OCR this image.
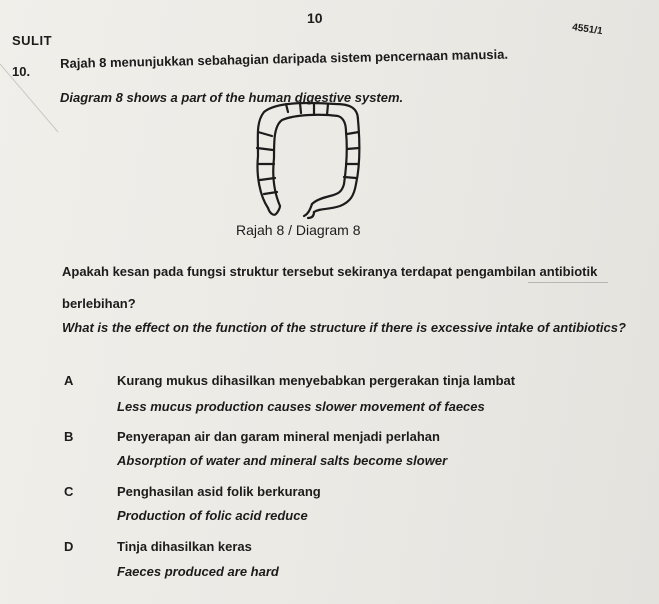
10
SULIT
4551/1
10.
Rajah 8 menunjukkan sebahagian daripada sistem pencernaan manusia.
Diagram 8 shows a part of the human digestive system.
Rajah 8 / Diagram 8
Apakah kesan pada fungsi struktur tersebut sekiranya terdapat pengambilan antibiotik
berlebihan?
What is the effect on the function of the structure if there is excessive intake of antibiotics?
A	Kurang mukus dihasilkan menyebabkan pergerakan tinja lambat
Less mucus production causes slower movement of faeces
B	Penyerapan air dan garam mineral menjadi perlahan
Absorption of water and mineral salts become slower
C	Penghasilan asid folik berkurang
Production of folic acid reduce
D	Tinja dihasilkan keras
Faeces produced are hard
